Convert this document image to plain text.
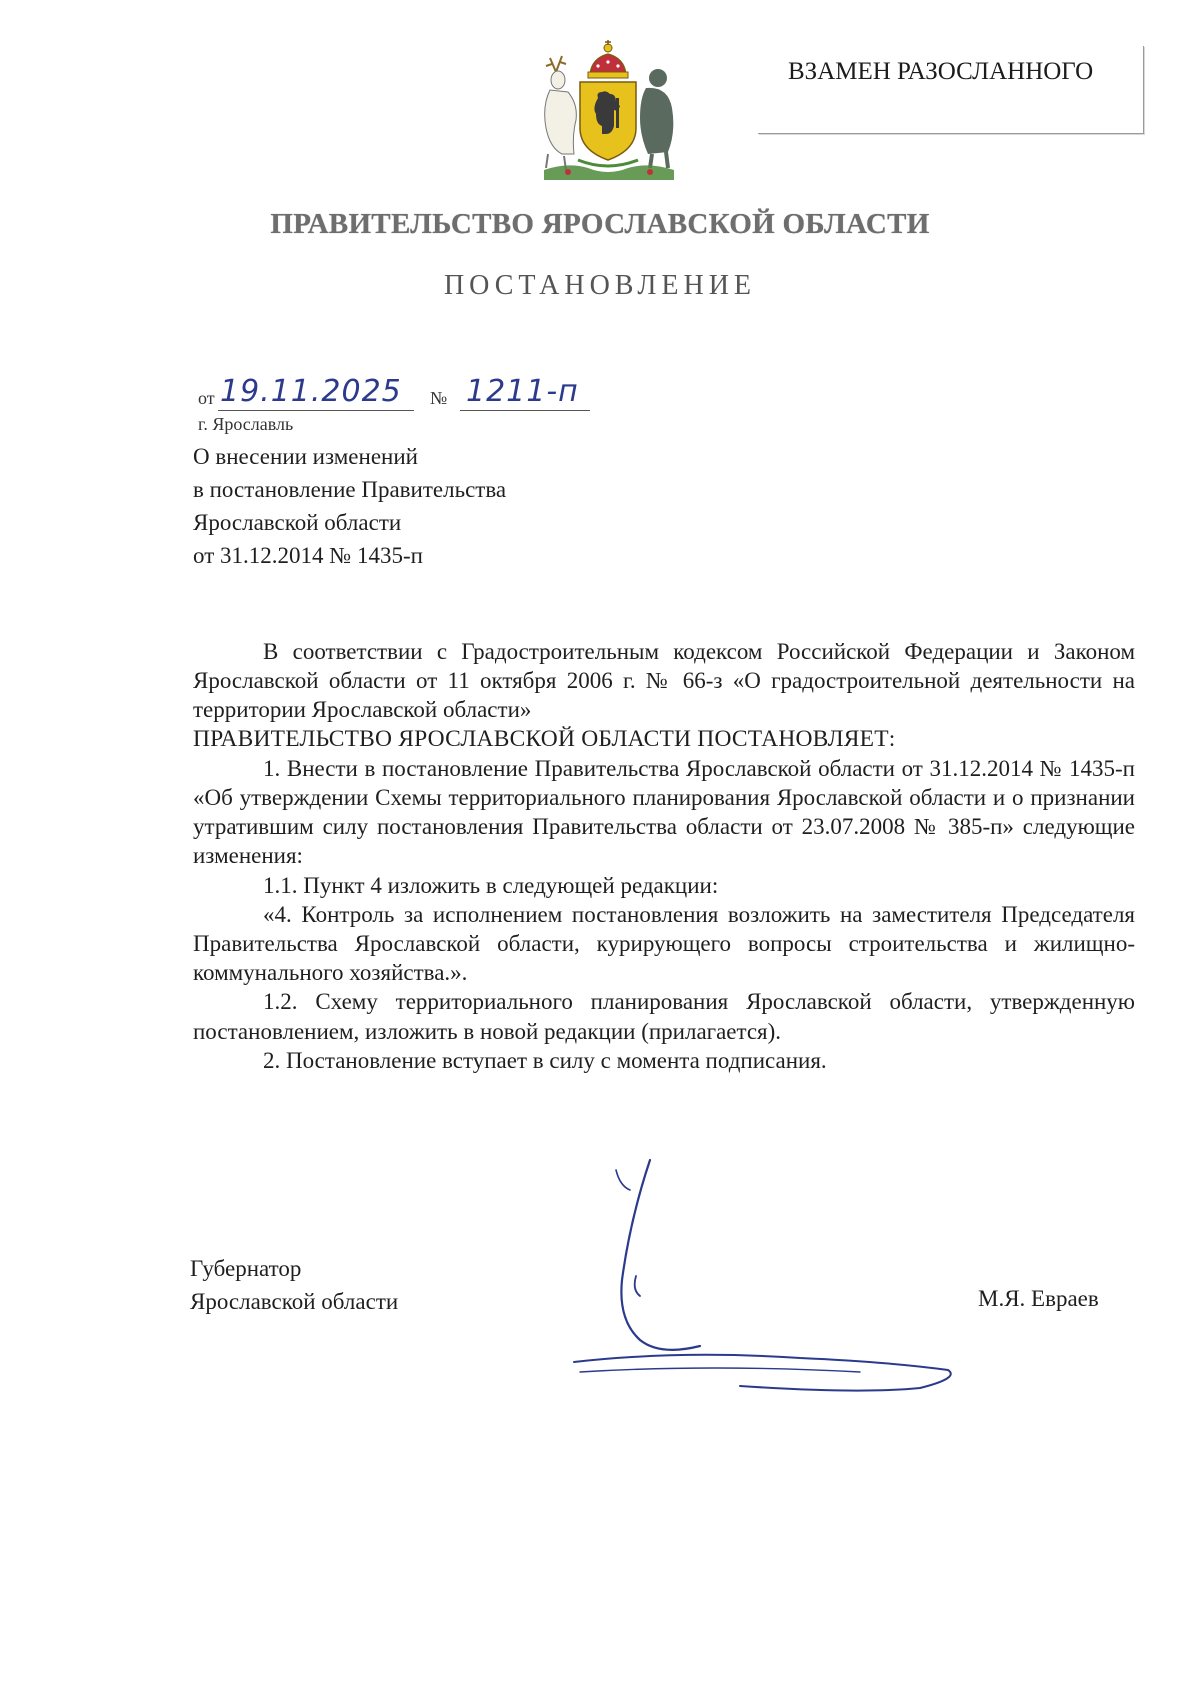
ВЗАМЕН РАЗОСЛАННОГО
ПРАВИТЕЛЬСТВО ЯРОСЛАВСКОЙ ОБЛАСТИ
ПОСТАНОВЛЕНИЕ
от 19.11.2025 № 1211-п
г. Ярославль
О внесении изменений
в постановление Правительства
Ярославской области
от 31.12.2014 № 1435-п

В соответствии с Градостроительным кодексом Российской Федерации и Законом Ярославской области от 11 октября 2006 г. № 66-з «О градостроительной деятельности на территории Ярославской области»

ПРАВИТЕЛЬСТВО ЯРОСЛАВСКОЙ ОБЛАСТИ ПОСТАНОВЛЯЕТ:

1. Внести в постановление Правительства Ярославской области от 31.12.2014 № 1435-п «Об утверждении Схемы территориального планирования Ярославской области и о признании утратившим силу постановления Правительства области от 23.07.2008 № 385-п» следующие изменения:

1.1. Пункт 4 изложить в следующей редакции:

«4. Контроль за исполнением постановления возложить на заместителя Председателя Правительства Ярославской области, курирующего вопросы строительства и жилищно-коммунального хозяйства.».

1.2. Схему территориального планирования Ярославской области, утвержденную постановлением, изложить в новой редакции (прилагается).

2. Постановление вступает в силу с момента подписания.

Губернатор
Ярославской области	М.Я. Евраев
